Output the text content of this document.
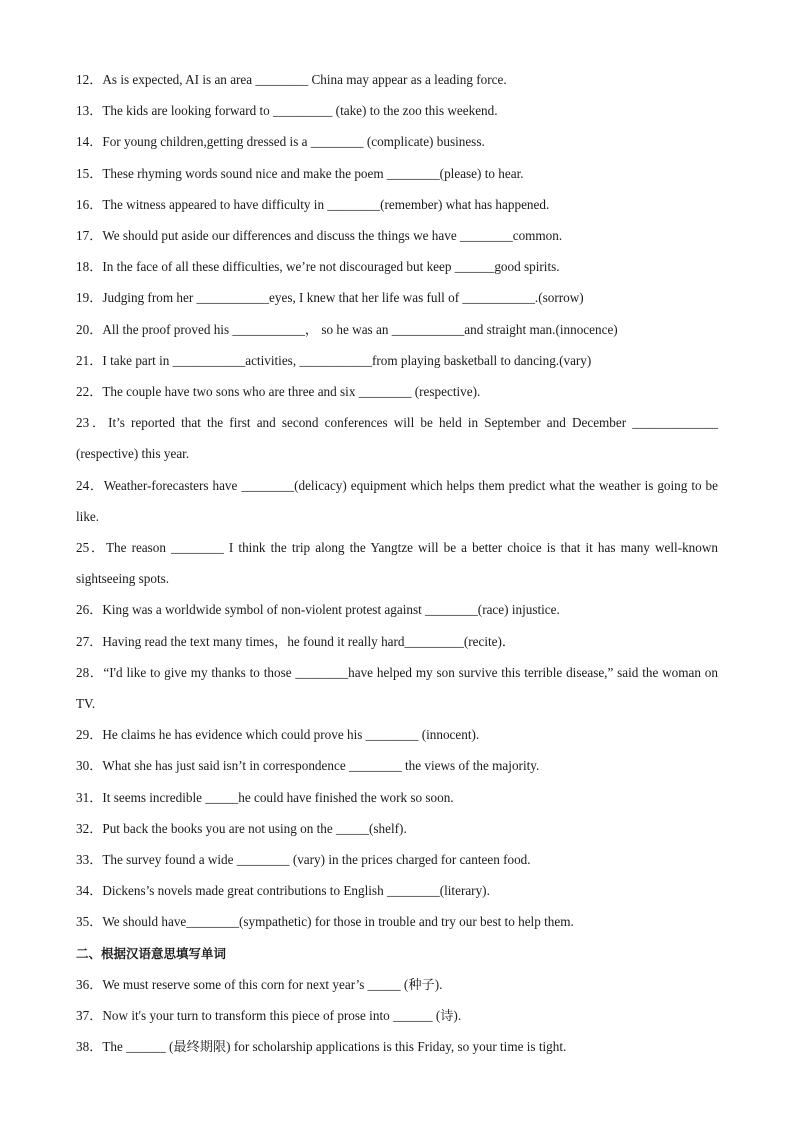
12．As is expected, AI is an area ________ China may appear as a leading force.
13．The kids are looking forward to _________ (take) to the zoo this weekend.
14．For young children,getting dressed is a ________ (complicate) business.
15．These rhyming words sound nice and make the poem ________(please) to hear.
16．The witness appeared to have difficulty in ________(remember) what has happened.
17．We should put aside our differences and discuss the things we have ________common.
18．In the face of all these difficulties, we’re not discouraged but keep ______good spirits.
19．Judging from her ___________eyes, I knew that her life was full of ___________.(sorrow)
20．All the proof proved his ___________， so he was an ___________and straight man.(innocence)
21．I take part in ___________activities, ___________from playing basketball to dancing.(vary)
22．The couple have two sons who are three and six ________ (respective).
23．It’s reported that the first and second conferences will be held in September and December _____________ (respective) this year.
24．Weather-forecasters have ________(delicacy) equipment which helps them predict what the weather is going to be like.
25．The reason ________ I think the trip along the Yangtze will be a better choice is that it has many well-known sightseeing spots.
26．King was a worldwide symbol of non-violent protest against ________(race) injustice.
27．Having read the text many times，he found it really hard_________(recite)．
28．“I'd like to give my thanks to those ________have helped my son survive this terrible disease,” said the woman on TV.
29．He claims he has evidence which could prove his ________ (innocent).
30．What she has just said isn’t in correspondence ________ the views of the majority.
31．It seems incredible _____he could have finished the work so soon.
32．Put back the books you are not using on the _____(shelf).
33．The survey found a wide ________ (vary) in the prices charged for canteen food.
34．Dickens’s novels made great contributions to English ________(literary).
35．We should have________(sympathetic) for those in trouble and try our best to help them.
二、根据汉语意思填写单词
36．We must reserve some of this corn for next year’s _____ (种子).
37．Now it's your turn to transform this piece of prose into ______ (诗).
38．The ______ (最终期限) for scholarship applications is this Friday, so your time is tight.
